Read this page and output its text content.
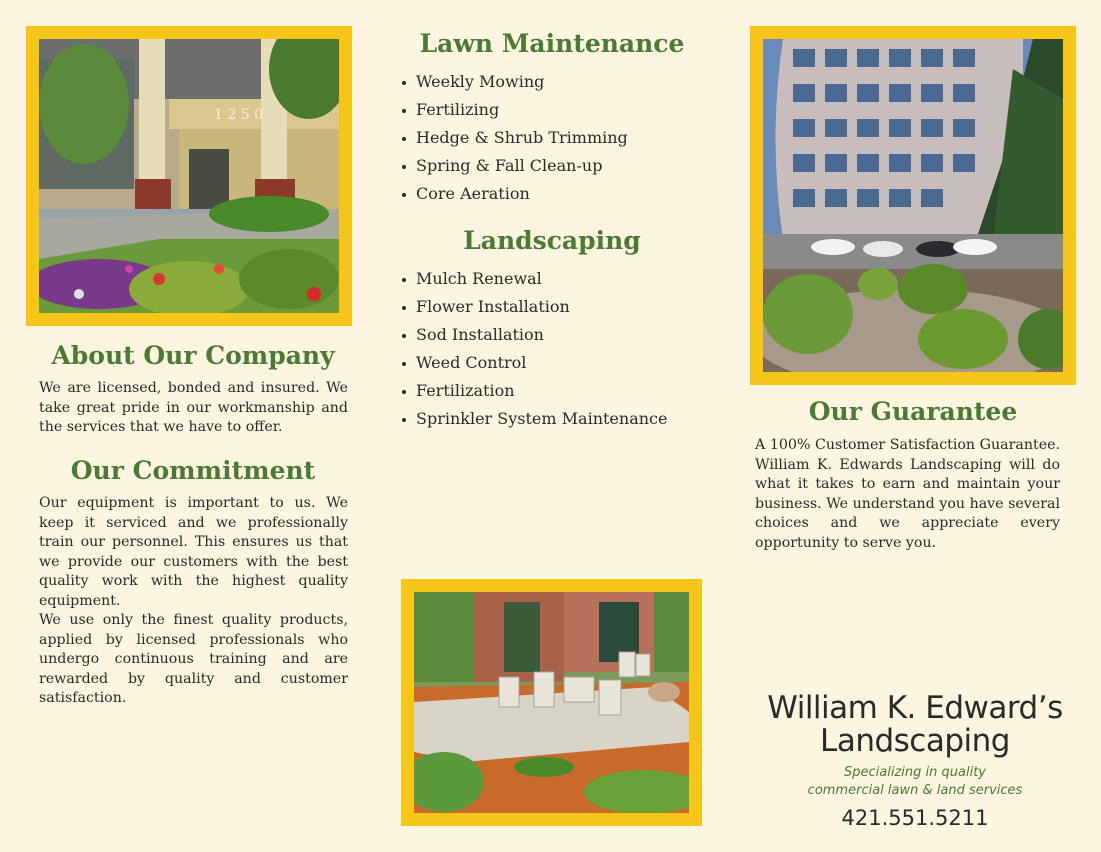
1 2 5 0
About Our Company

We are licensed, bonded and insured. We take great pride in our workmanship and the services that we have to offer.

Our Commitment

Our equipment is important to us. We keep it serviced and we professionally train our personnel. This ensures us that we provide our customers with the best quality work with the highest quality equipment.

We use only the finest quality products, applied by licensed professionals who undergo continuous training and are rewarded by quality and customer satisfaction.

Lawn Maintenance
Weekly Mowing
Fertilizing
Hedge & Shrub Trimming
Spring & Fall Clean-up
Core Aeration
Landscaping
Mulch Renewal
Flower Installation
Sod Installation
Weed Control
Fertilization
Sprinkler System Maintenance	Our Guarantee

A 100% Customer Satisfaction Guarantee. William K. Edwards Landscaping will do what it takes to earn and maintain your business. We understand you have several choices and we appreciate every opportunity to serve you.

William K. Edward’s
Landscaping
Specializing in quality
commercial lawn & land services
421.551.5211
